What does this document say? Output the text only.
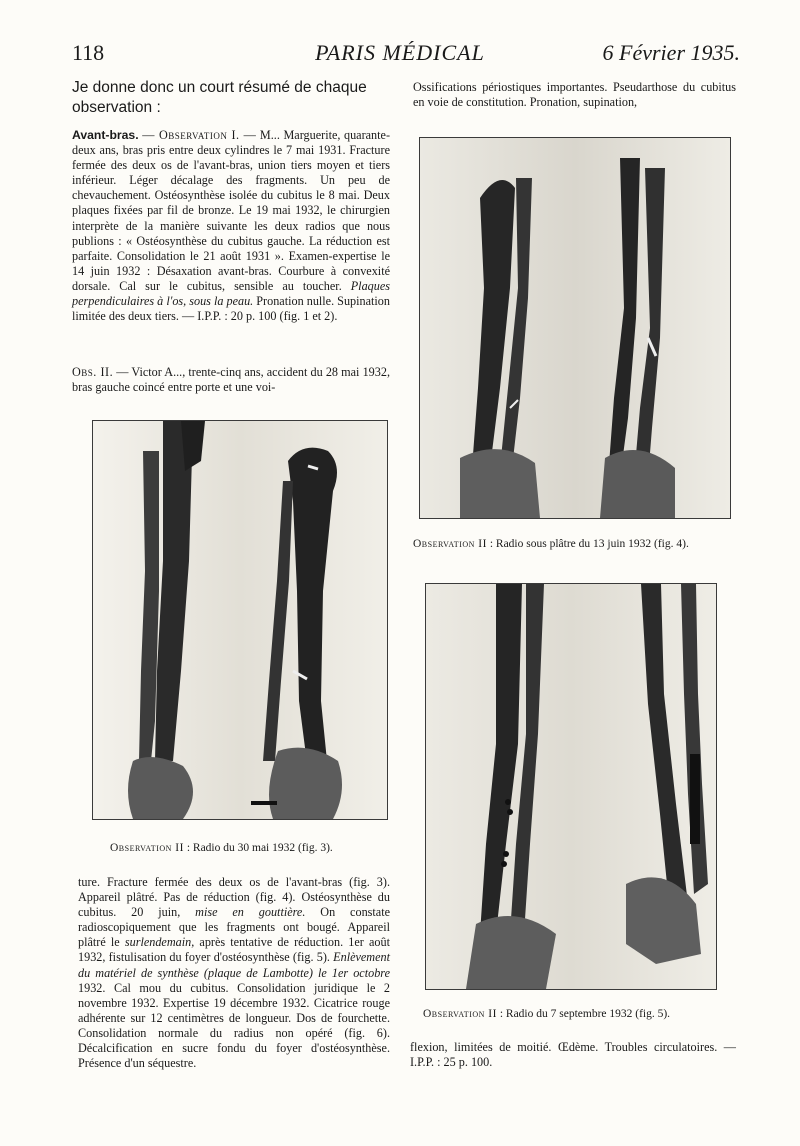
118	PARIS MÉDICAL	6 Février 1935.
Je donne donc un court résumé de chaque observation :

Avant-bras. — Observation I. — M... Marguerite, quarante-deux ans, bras pris entre deux cylindres le 7 mai 1931. Fracture fermée des deux os de l'avant-bras, union tiers moyen et tiers inférieur. Léger décalage des fragments. Un peu de chevauchement. Ostéosynthèse isolée du cubitus le 8 mai. Deux plaques fixées par fil de bronze. Le 19 mai 1932, le chirurgien interprète de la manière suivante les deux radios que nous publions : « Ostéosynthèse du cubitus gauche. La réduction est parfaite. Consolidation le 21 août 1931 ». Examen-expertise le 14 juin 1932 : Désaxation avant-bras. Courbure à convexité dorsale. Cal sur le cubitus, sensible au toucher. Plaques perpendiculaires à l'os, sous la peau. Pronation nulle. Supination limitée des deux tiers. — I.P.P. : 20 p. 100 (fig. 1 et 2).

Obs. II. — Victor A..., trente-cinq ans, accident du 28 mai 1932, bras gauche coincé entre porte et une voi-

Observation II : Radio du 30 mai 1932 (fig. 3).

ture. Fracture fermée des deux os de l'avant-bras (fig. 3). Appareil plâtré. Pas de réduction (fig. 4). Ostéosynthèse du cubitus. 20 juin, mise en gouttière. On constate radioscopiquement que les fragments ont bougé. Appareil plâtré le surlendemain, après tentative de réduction. 1er août 1932, fistulisation du foyer d'ostéosynthèse (fig. 5). Enlèvement du matériel de synthèse (plaque de Lambotte) le 1er octobre 1932. Cal mou du cubitus. Consolidation juridique le 2 novembre 1932. Expertise 19 décembre 1932. Cicatrice rouge adhérente sur 12 centimètres de longueur. Dos de fourchette. Consolidation normale du radius non opéré (fig. 6). Décalcification en sucre fondu du foyer d'ostéosynthèse. Présence d'un séquestre.

Ossifications périostiques importantes. Pseudarthose du cubitus en voie de constitution. Pronation, supination,

Observation II : Radio sous plâtre du 13 juin 1932 (fig. 4).
Observation II : Radio du 7 septembre 1932 (fig. 5).

flexion, limitées de moitié. Œdème. Troubles circulatoires. — I.P.P. : 25 p. 100.
